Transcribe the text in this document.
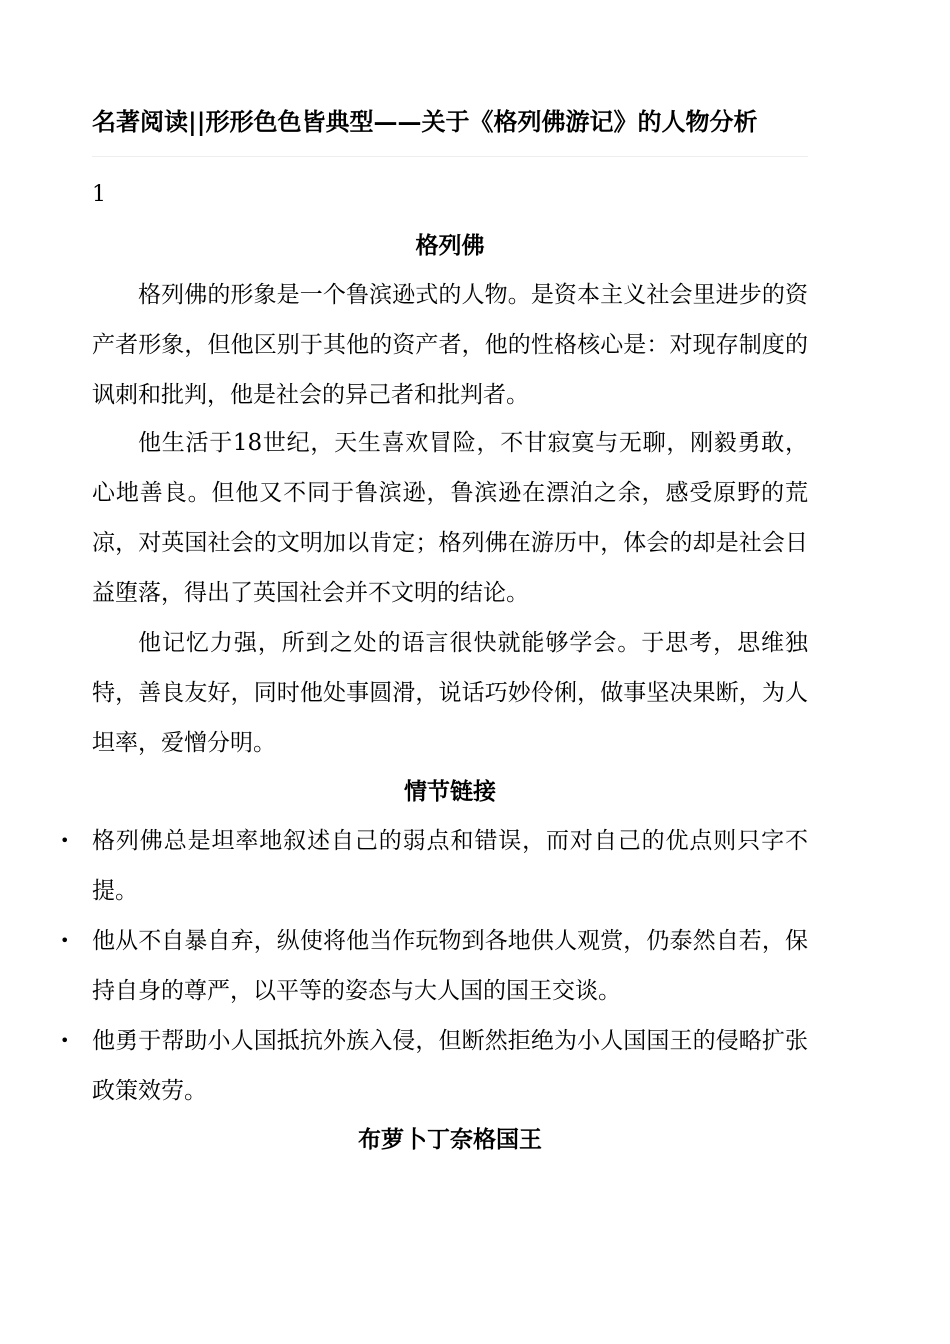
名著阅读||形形色色皆典型——关于《格列佛游记》的人物分析
1
格列佛

格列佛的形象是一个鲁滨逊式的人物。是资本主义社会里进步的资产者形象，但他区别于其他的资产者，他的性格核心是：对现存制度的讽刺和批判，他是社会的异己者和批判者。

他生活于18世纪，天生喜欢冒险，不甘寂寞与无聊，刚毅勇敢，心地善良。但他又不同于鲁滨逊，鲁滨逊在漂泊之余，感受原野的荒凉，对英国社会的文明加以肯定；格列佛在游历中，体会的却是社会日益堕落，得出了英国社会并不文明的结论。

他记忆力强，所到之处的语言很快就能够学会。于思考，思维独特，善良友好，同时他处事圆滑，说话巧妙伶俐，做事坚决果断，为人坦率，爱憎分明。

情节链接
• 格列佛总是坦率地叙述自己的弱点和错误，而对自己的优点则只字不提。
• 他从不自暴自弃，纵使将他当作玩物到各地供人观赏，仍泰然自若，保持自身的尊严，以平等的姿态与大人国的国王交谈。
• 他勇于帮助小人国抵抗外族入侵，但断然拒绝为小人国国王的侵略扩张政策效劳。
布萝卜丁奈格国王
